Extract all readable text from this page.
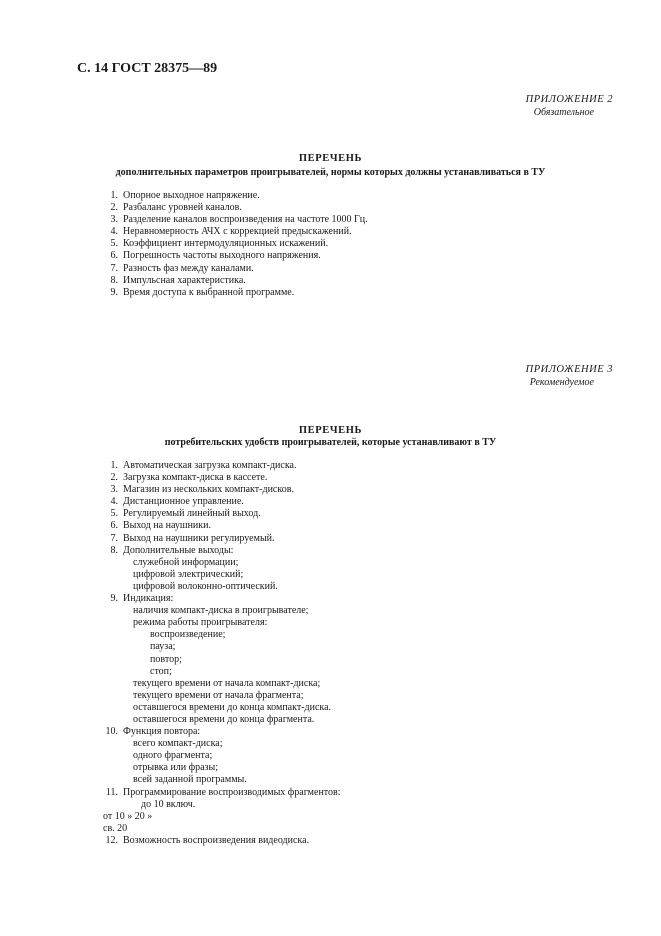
С. 14 ГОСТ 28375—89
ПРИЛОЖЕНИЕ 2
Обязательное
ПЕРЕЧЕНЬ
дополнительных параметров проигрывателей, нормы которых должны устанавливаться в ТУ
1. Опорное выходное напряжение.
2. Разбаланс уровней каналов.
3. Разделение каналов воспроизведения на частоте 1000 Гц.
4. Неравномерность АЧХ с коррекцией предыскажений.
5. Коэффициент интермодуляционных искажений.
6. Погрешность частоты выходного напряжения.
7. Разность фаз между каналами.
8. Импульсная характеристика.
9. Время доступа к выбранной программе.
ПРИЛОЖЕНИЕ 3
Рекомендуемое
ПЕРЕЧЕНЬ
потребительских удобств проигрывателей, которые устанавливают в ТУ
1. Автоматическая загрузка компакт-диска.
2. Загрузка компакт-диска в кассете.
3. Магазин из нескольких компакт-дисков.
4. Дистанционное управление.
5. Регулируемый линейный выход.
6. Выход на наушники.
7. Выход на наушники регулируемый.
8. Дополнительные выходы:
служебной информации;
цифровой электрический;
цифровой волоконно-оптический.
9. Индикация:
наличия компакт-диска в проигрывателе;
режима работы проигрывателя:
воспроизведение;
пауза;
повтор;
стоп;
текущего времени от начала компакт-диска;
текущего времени от начала фрагмента;
оставшегося времени до конца компакт-диска.
оставшегося времени до конца фрагмента.
10. Функция повтора:
всего компакт-диска;
одного фрагмента;
отрывка или фразы;
всей заданной программы.
11. Программирование воспроизводимых фрагментов:
до 10 включ.
от 10 » 20 »
св. 20
12. Возможность воспроизведения видеодиска.
